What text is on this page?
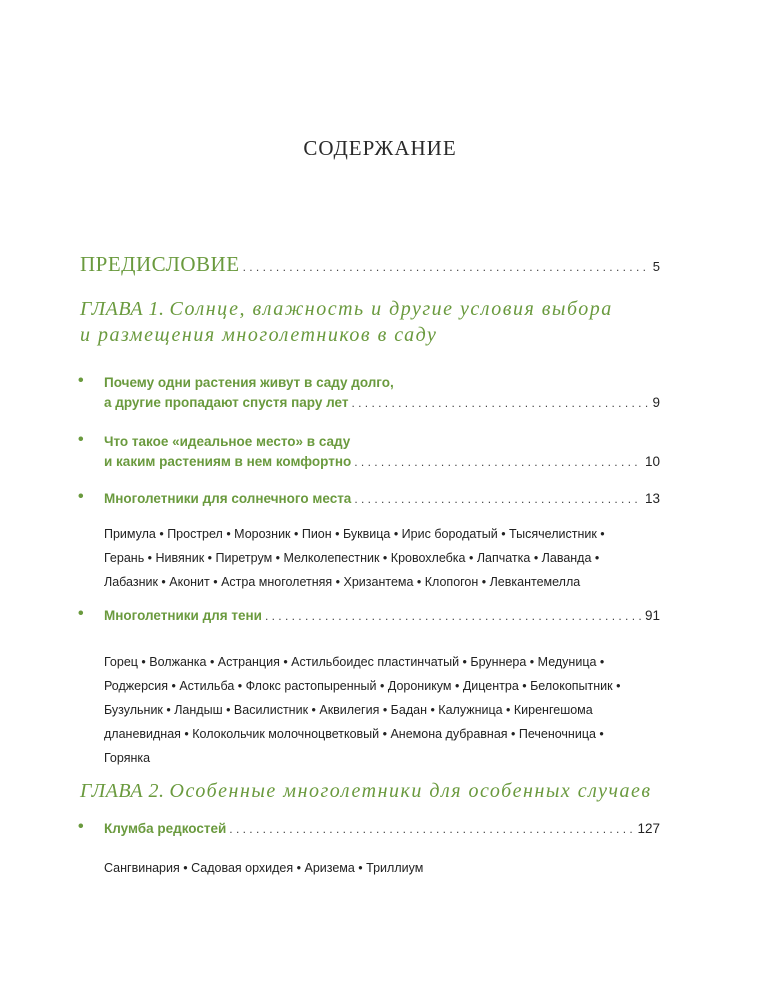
СОДЕРЖАНИЕ
ПРЕДИСЛОВИЕ . . .	5
ГЛАВА 1. Солнце, влажность и другие условия выбора
и размещения многолетников в саду
• Почему одни растения живут в саду долго,
а другие пропадают спустя пару лет . . .	9
• Что такое «идеальное место» в саду
и каким растениям в нем комфортно . . .	10
• Многолетники для солнечного места . . .	13
Примула • Прострел • Морозник • Пион • Буквица • Ирис бородатый • Тысячелистник •
Герань • Нивяник • Пиретрум • Мелколепестник • Кровохлебка • Лапчатка • Лаванда •
Лабазник • Аконит • Астра многолетняя • Хризантема • Клопогон • Левкантемелла
• Многолетники для тени . . .	91
Горец • Волжанка • Астранция • Астильбоидес пластинчатый • Бруннера • Медуница •
Роджерсия • Астильба • Флокс растопыренный • Дороникум • Дицентра • Белокопытник •
Бузульник • Ландыш • Василистник • Аквилегия • Бадан • Калужница • Киренгешома
дланевидная • Колокольчик молочноцветковый • Анемона дубравная • Печеночница •
Горянка
ГЛАВА 2. Особенные многолетники для особенных случаев
• Клумба редкостей . . .	127
Сангвинария • Садовая орхидея • Аризема • Триллиум
